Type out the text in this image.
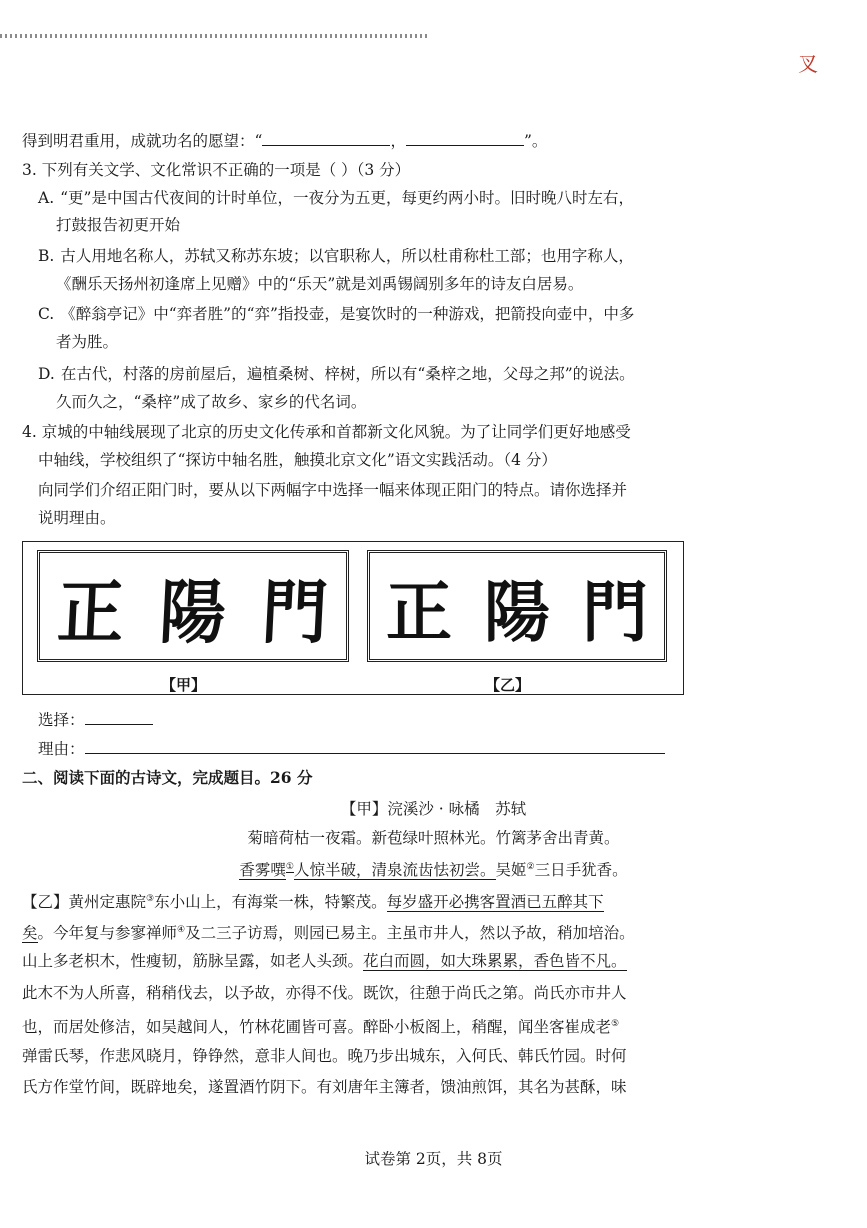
叉
得到明君重用，成就功名的愿望：“	，	”。
3. 下列有关文学、文化常识不正确的一项是（ ）（3 分）
A. “更”是中国古代夜间的计时单位，一夜分为五更，每更约两小时。旧时晚八时左右，
打鼓报告初更开始
B. 古人用地名称人，苏轼又称苏东坡；以官职称人，所以杜甫称杜工部；也用字称人，
《酬乐天扬州初逢席上见赠》中的“乐天”就是刘禹锡阔别多年的诗友白居易。
C. 《醉翁亭记》中“弈者胜”的“弈”指投壶，是宴饮时的一种游戏，把箭投向壶中，中多
者为胜。
D. 在古代，村落的房前屋后，遍植桑树、梓树，所以有“桑梓之地，父母之邦”的说法。
久而久之，“桑梓”成了故乡、家乡的代名词。
4. 京城的中轴线展现了北京的历史文化传承和首都新文化风貌。为了让同学们更好地感受
中轴线，学校组织了“探访中轴名胜，触摸北京文化”语文实践活动。（4 分）
向同学们介绍正阳门时，要从以下两幅字中选择一幅来体现正阳门的特点。请你选择并
说明理由。
正 陽 門 正 陽 門
【甲】	【乙】
选择：
理由：
二、阅读下面的古诗文，完成题目。26 分
【甲】浣溪沙 · 咏橘　苏轼
菊暗荷枯一夜霜。新苞绿叶照林光。竹篱茅舍出青黄。
香雾噀①人惊半破，清泉流齿怯初尝。吴姬②三日手犹香。
【乙】黄州定惠院③东小山上，有海棠一株，特繁茂。每岁盛开必携客置酒已五醉其下
矣。今年复与参寥禅师④及二三子访焉，则园已易主。主虽市井人，然以予故，稍加培治。
山上多老枳木，性瘦韧，筋脉呈露，如老人头颈。花白而圆，如大珠累累，香色皆不凡。
此木不为人所喜，稍稍伐去，以予故，亦得不伐。既饮，往憩于尚氏之第。尚氏亦市井人
也，而居处修洁，如吴越间人，竹林花圃皆可喜。醉卧小板阁上，稍醒，闻坐客崔成老⑤
弹雷氏琴，作悲风晓月，铮铮然，意非人间也。晚乃步出城东，入何氏、韩氏竹园。时何
氏方作堂竹间，既辟地矣，遂置酒竹阴下。有刘唐年主簿者，馈油煎饵，其名为甚酥，味
试卷第 2页，共 8页
